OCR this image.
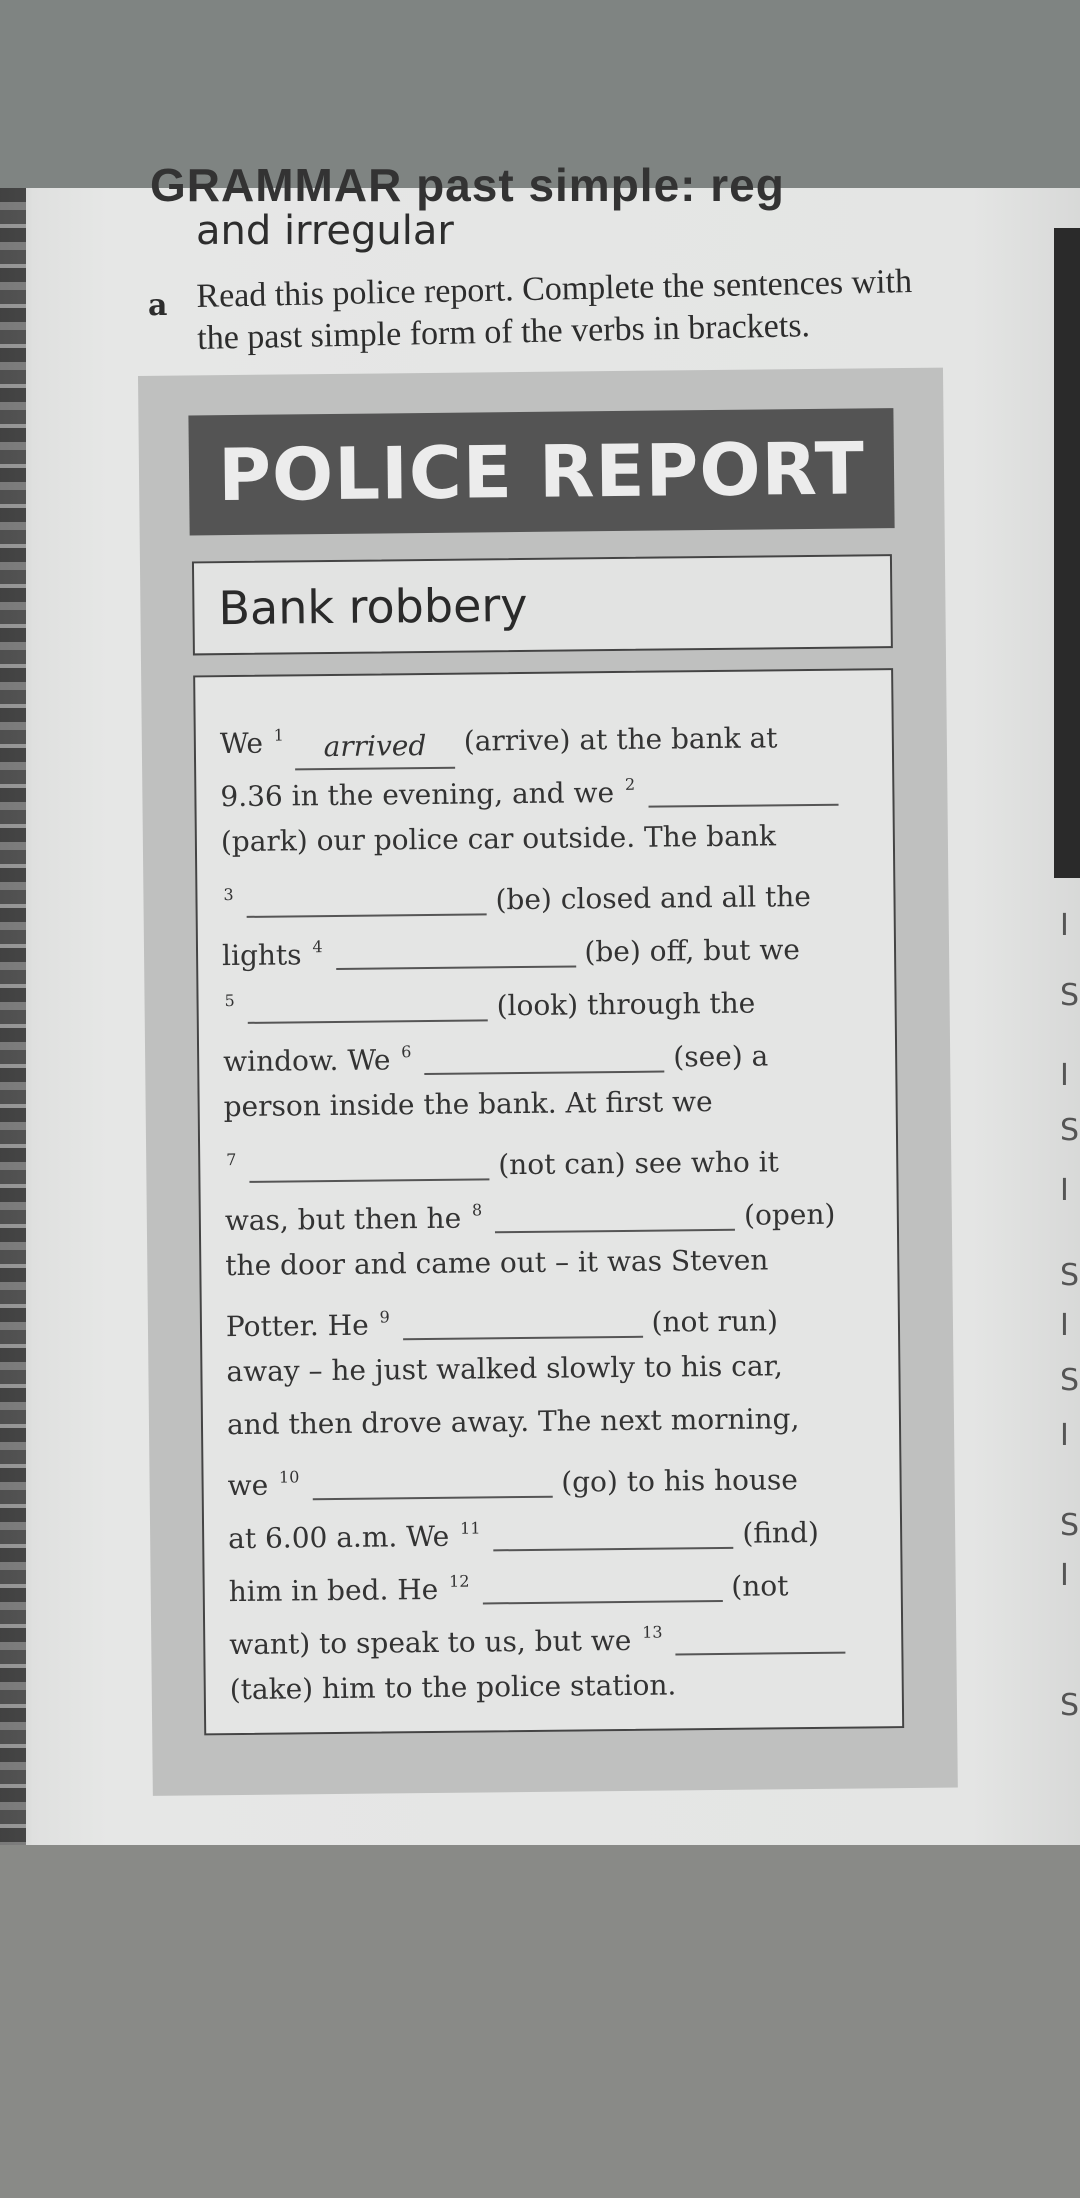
I
S
I
S
I
S
I
S
I
S
I
S
GRAMMAR past simple: reg
and irregular
a Read this police report. Complete the sentences with the past simple form of the verbs in brackets.
POLICE REPORT
Bank robbery
We $^1$ arrived (arrive) at the bank at
9.36 in the evening, and we $^2$
(park) our police car outside. The bank
$^3$	(be) closed and all the
lights $^4$	(be) off, but we
$^5$	(look) through the
window. We $^6$	(see) a
person inside the bank. At first we
$^7$	(not can) see who it
was, but then he $^8$	(open)
the door and came out – it was Steven
Potter. He $^9$	(not run)
away – he just walked slowly to his car,
and then drove away. The next morning,
we $^{10}$	(go) to his house
at 6.00 a.m. We $^{11}$	(find)
him in bed. He $^{12}$	(not
want) to speak to us, but we $^{13}$
(take) him to the police station.
